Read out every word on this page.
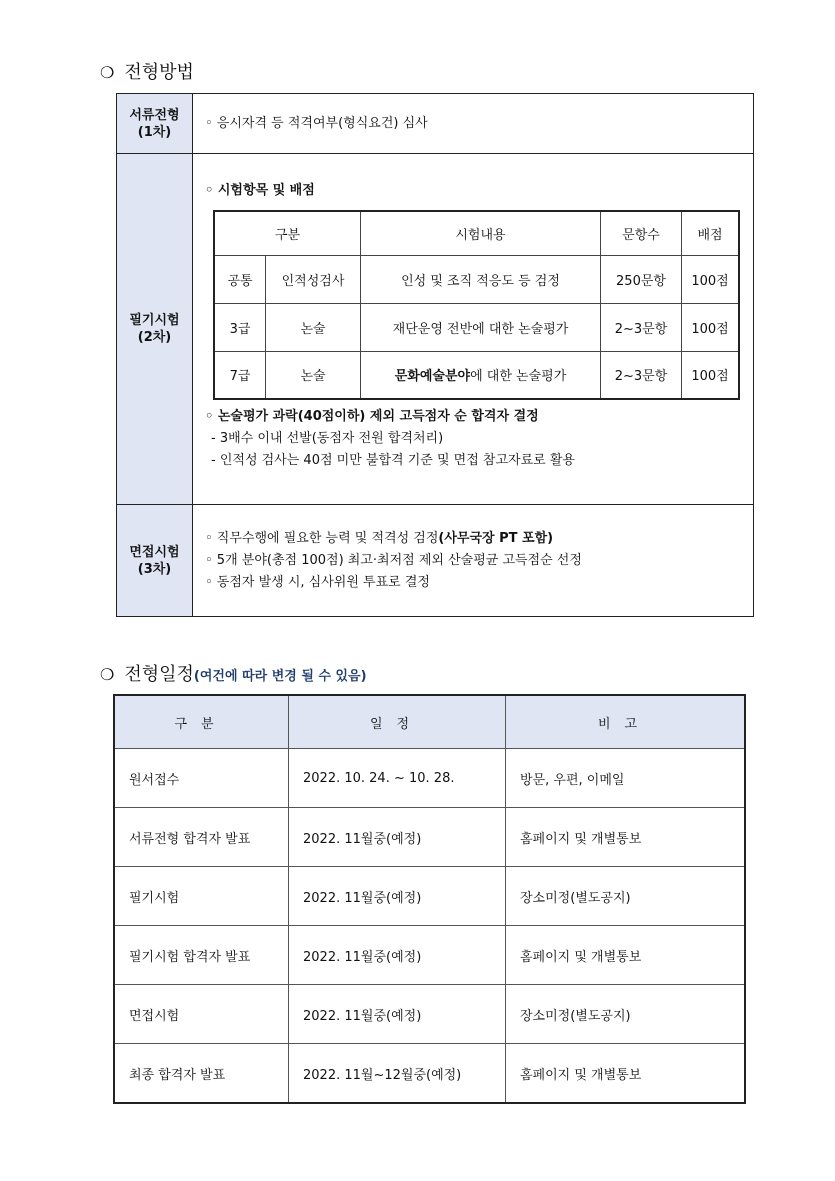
❍ 전형방법
서류전형
(1차)

◦ 응시자격 등 적격여부(형식요건) 심사

필기시험
(2차)

◦ 시험항목 및 배점
구분	시험내용	문항수	배점
공통	인적성검사	인성 및 조직 적응도 등 검정	250문항	100점
3급	논술	재단운영 전반에 대한 논술평가	2~3문항	100점
7급	논술	문화예술분야에 대한 논술평가	2~3문항	100점
◦ 논술평가 과락(40점이하) 제외 고득점자 순 합격자 결정
- 3배수 이내 선발(동점자 전원 합격처리)
- 인적성 검사는 40점 미만 불합격 기준 및 면접 참고자료로 활용

면접시험
(3차)

◦ 직무수행에 필요한 능력 및 적격성 검정(사무국장 PT 포함)
◦ 5개 분야(총점 100점) 최고·최저점 제외 산술평균 고득점순 선정
◦ 동점자 발생 시, 심사위원 투표로 결정
❍ 전형일정(여건에 따라 변경 될 수 있음)
구분	일정	비고
원서접수	2022. 10. 24. ~ 10. 28.	방문, 우편, 이메일
서류전형 합격자 발표	2022. 11월중(예정)	홈페이지 및 개별통보
필기시험	2022. 11월중(예정)	장소미정(별도공지)
필기시험 합격자 발표	2022. 11월중(예정)	홈페이지 및 개별통보
면접시험	2022. 11월중(예정)	장소미정(별도공지)
최종 합격자 발표	2022. 11월~12월중(예정)	홈페이지 및 개별통보
